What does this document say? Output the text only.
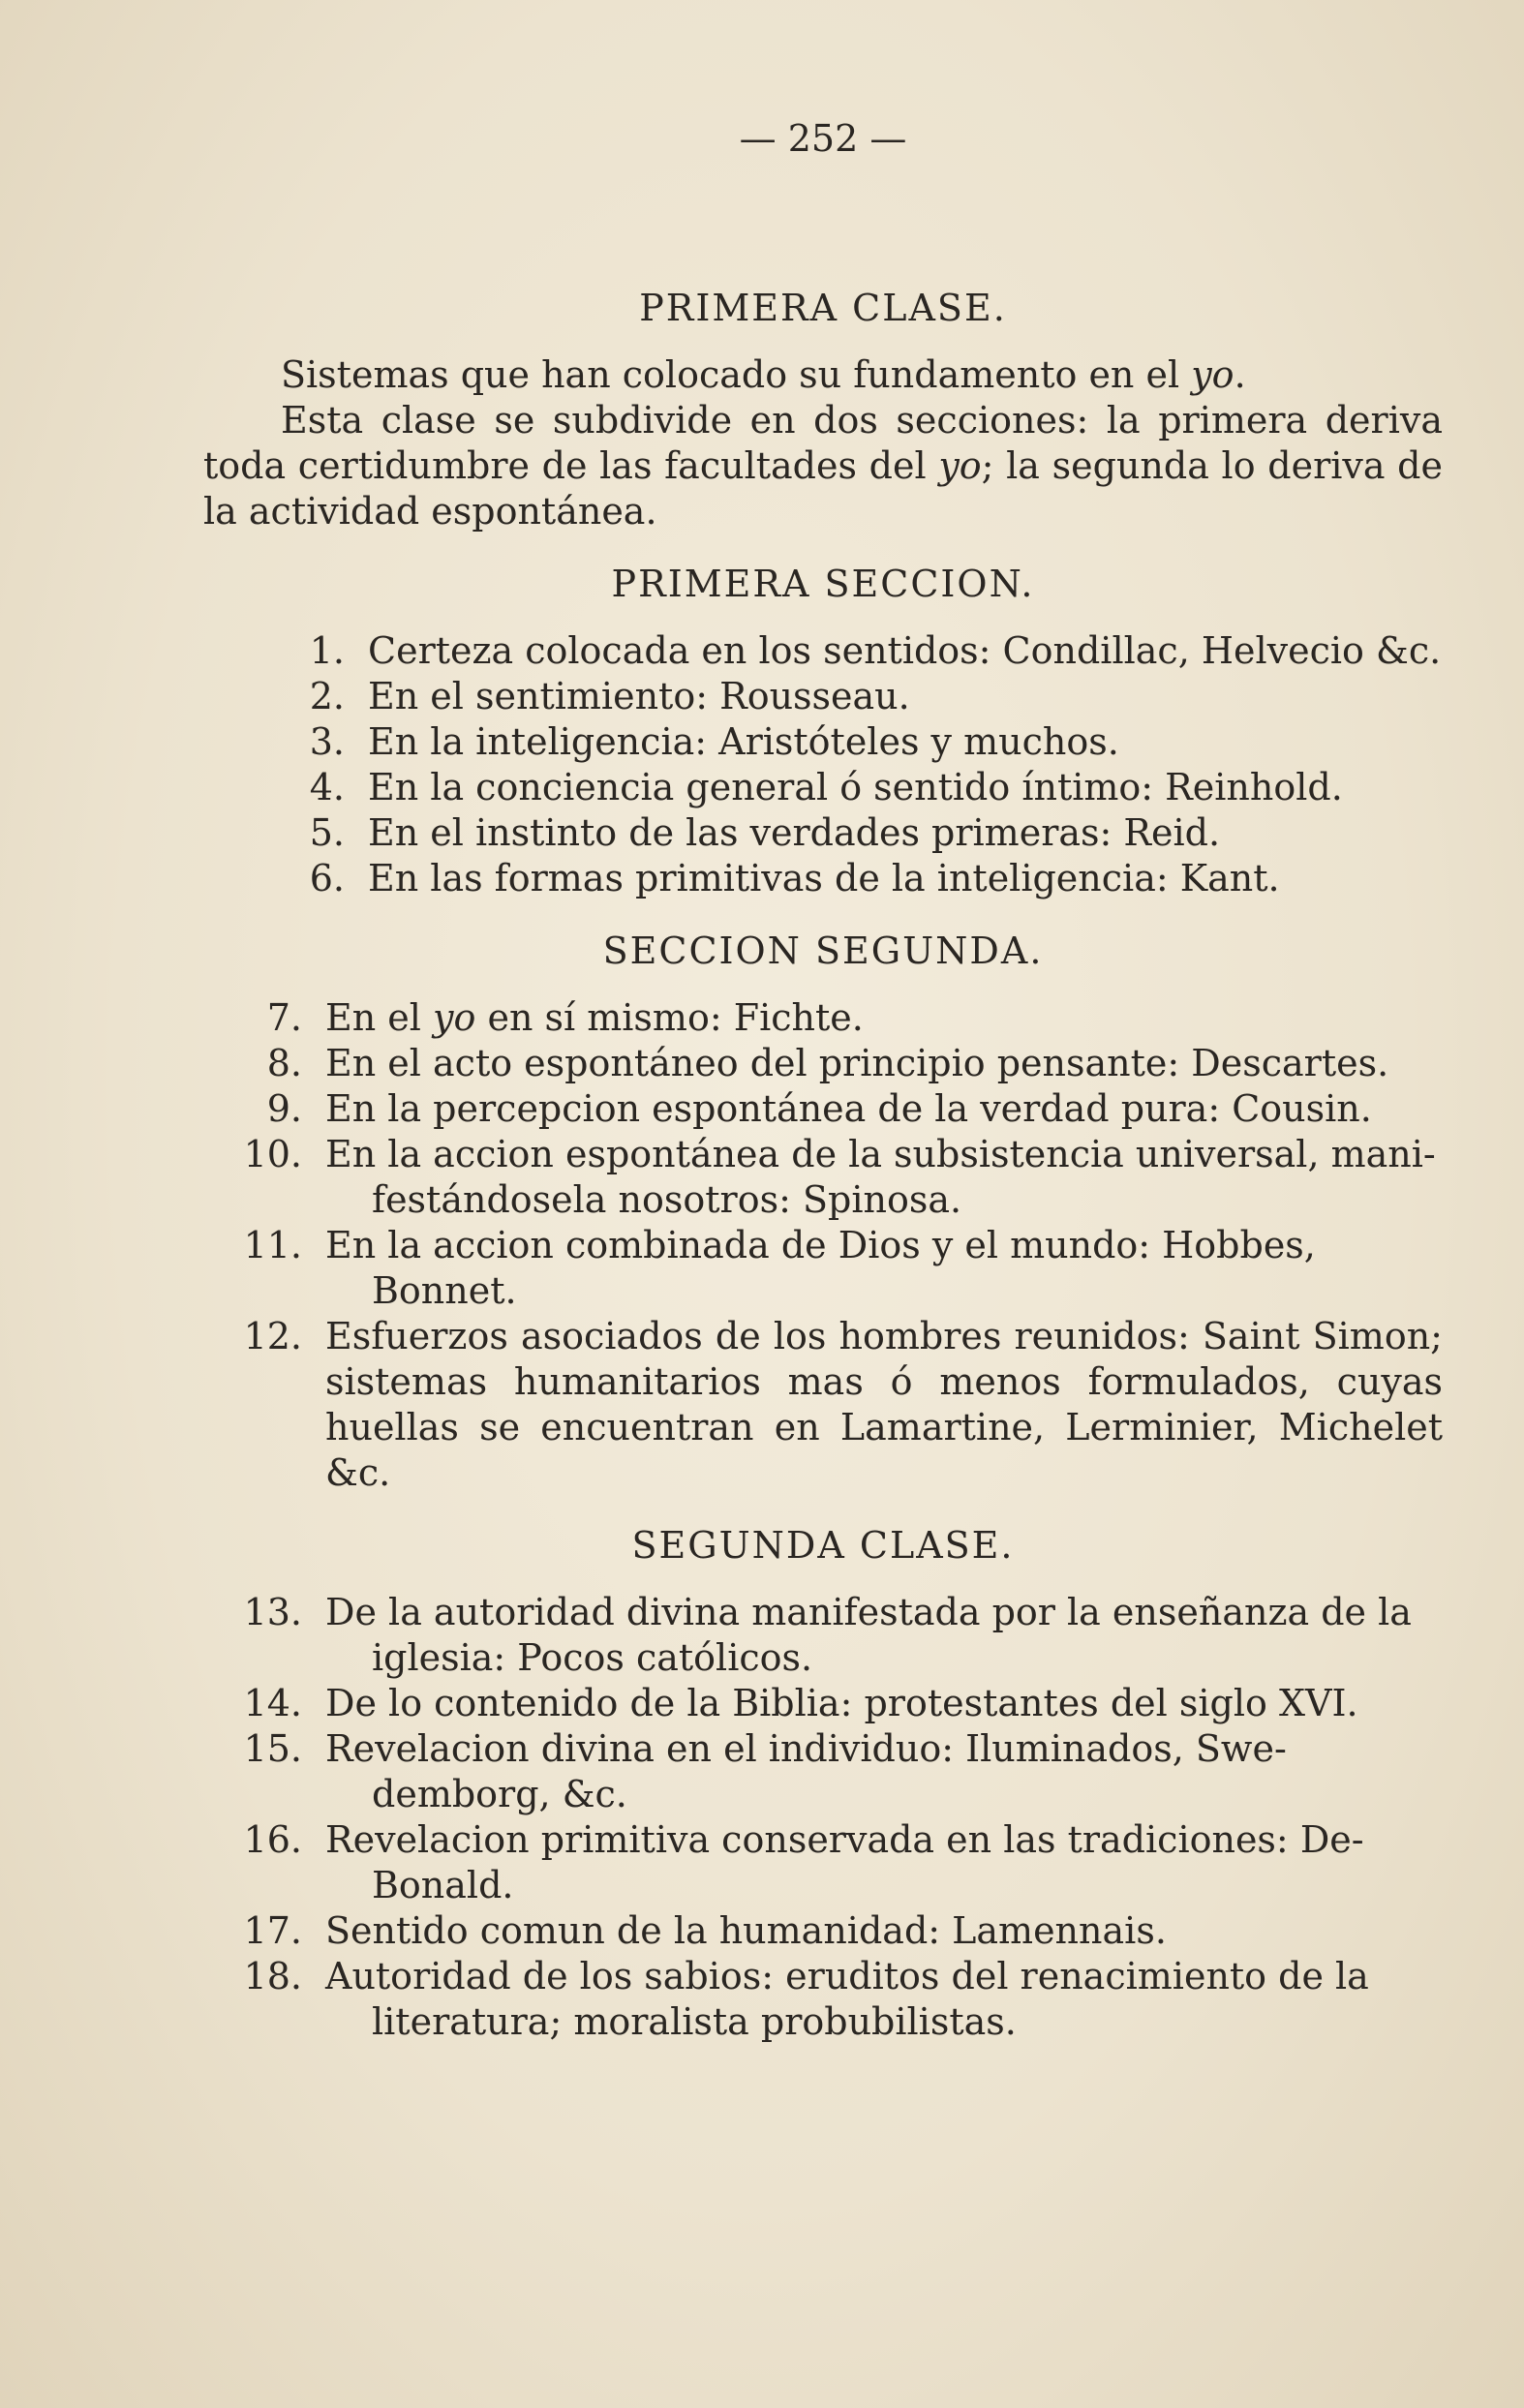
— 252 —
PRIMERA CLASE.

Sistemas que han colocado su fundamento en el yo.

Esta clase se subdivide en dos secciones: la primera deriva toda certidumbre de las facultades del yo; la segunda lo deriva de la actividad espontánea.

PRIMERA SECCION.
1. Certeza colocada en los sentidos: Condillac, Helvecio &c.
2. En el sentimiento: Rousseau.
3. En la inteligencia: Aristóteles y muchos.
4. En la conciencia general ó sentido íntimo: Reinhold.
5. En el instinto de las verdades primeras: Reid.
6. En las formas primitivas de la inteligencia: Kant.
SECCION SEGUNDA.
7. En el yo en sí mismo: Fichte.
8. En el acto espontáneo del principio pensante: Descartes.
9. En la percepcion espontánea de la verdad pura: Cousin.
10. En la accion espontánea de la subsistencia universal, mani-
festándosela nosotros: Spinosa.
11. En la accion combinada de Dios y el mundo: Hobbes,
Bonnet.
12. Esfuerzos asociados de los hombres reunidos: Saint Simon; sistemas humanitarios mas ó menos formulados, cuyas huellas se encuentran en Lamartine, Lerminier, Michelet &c.
SEGUNDA CLASE.
13. De la autoridad divina manifestada por la enseñanza de la
iglesia: Pocos católicos.
14. De lo contenido de la Biblia: protestantes del siglo XVI.
15. Revelacion divina en el individuo: Iluminados, Swe-
demborg, &c.
16. Revelacion primitiva conservada en las tradiciones: De-
Bonald.
17. Sentido comun de la humanidad: Lamennais.
18. Autoridad de los sabios: eruditos del renacimiento de la
literatura; moralista probubilistas.
